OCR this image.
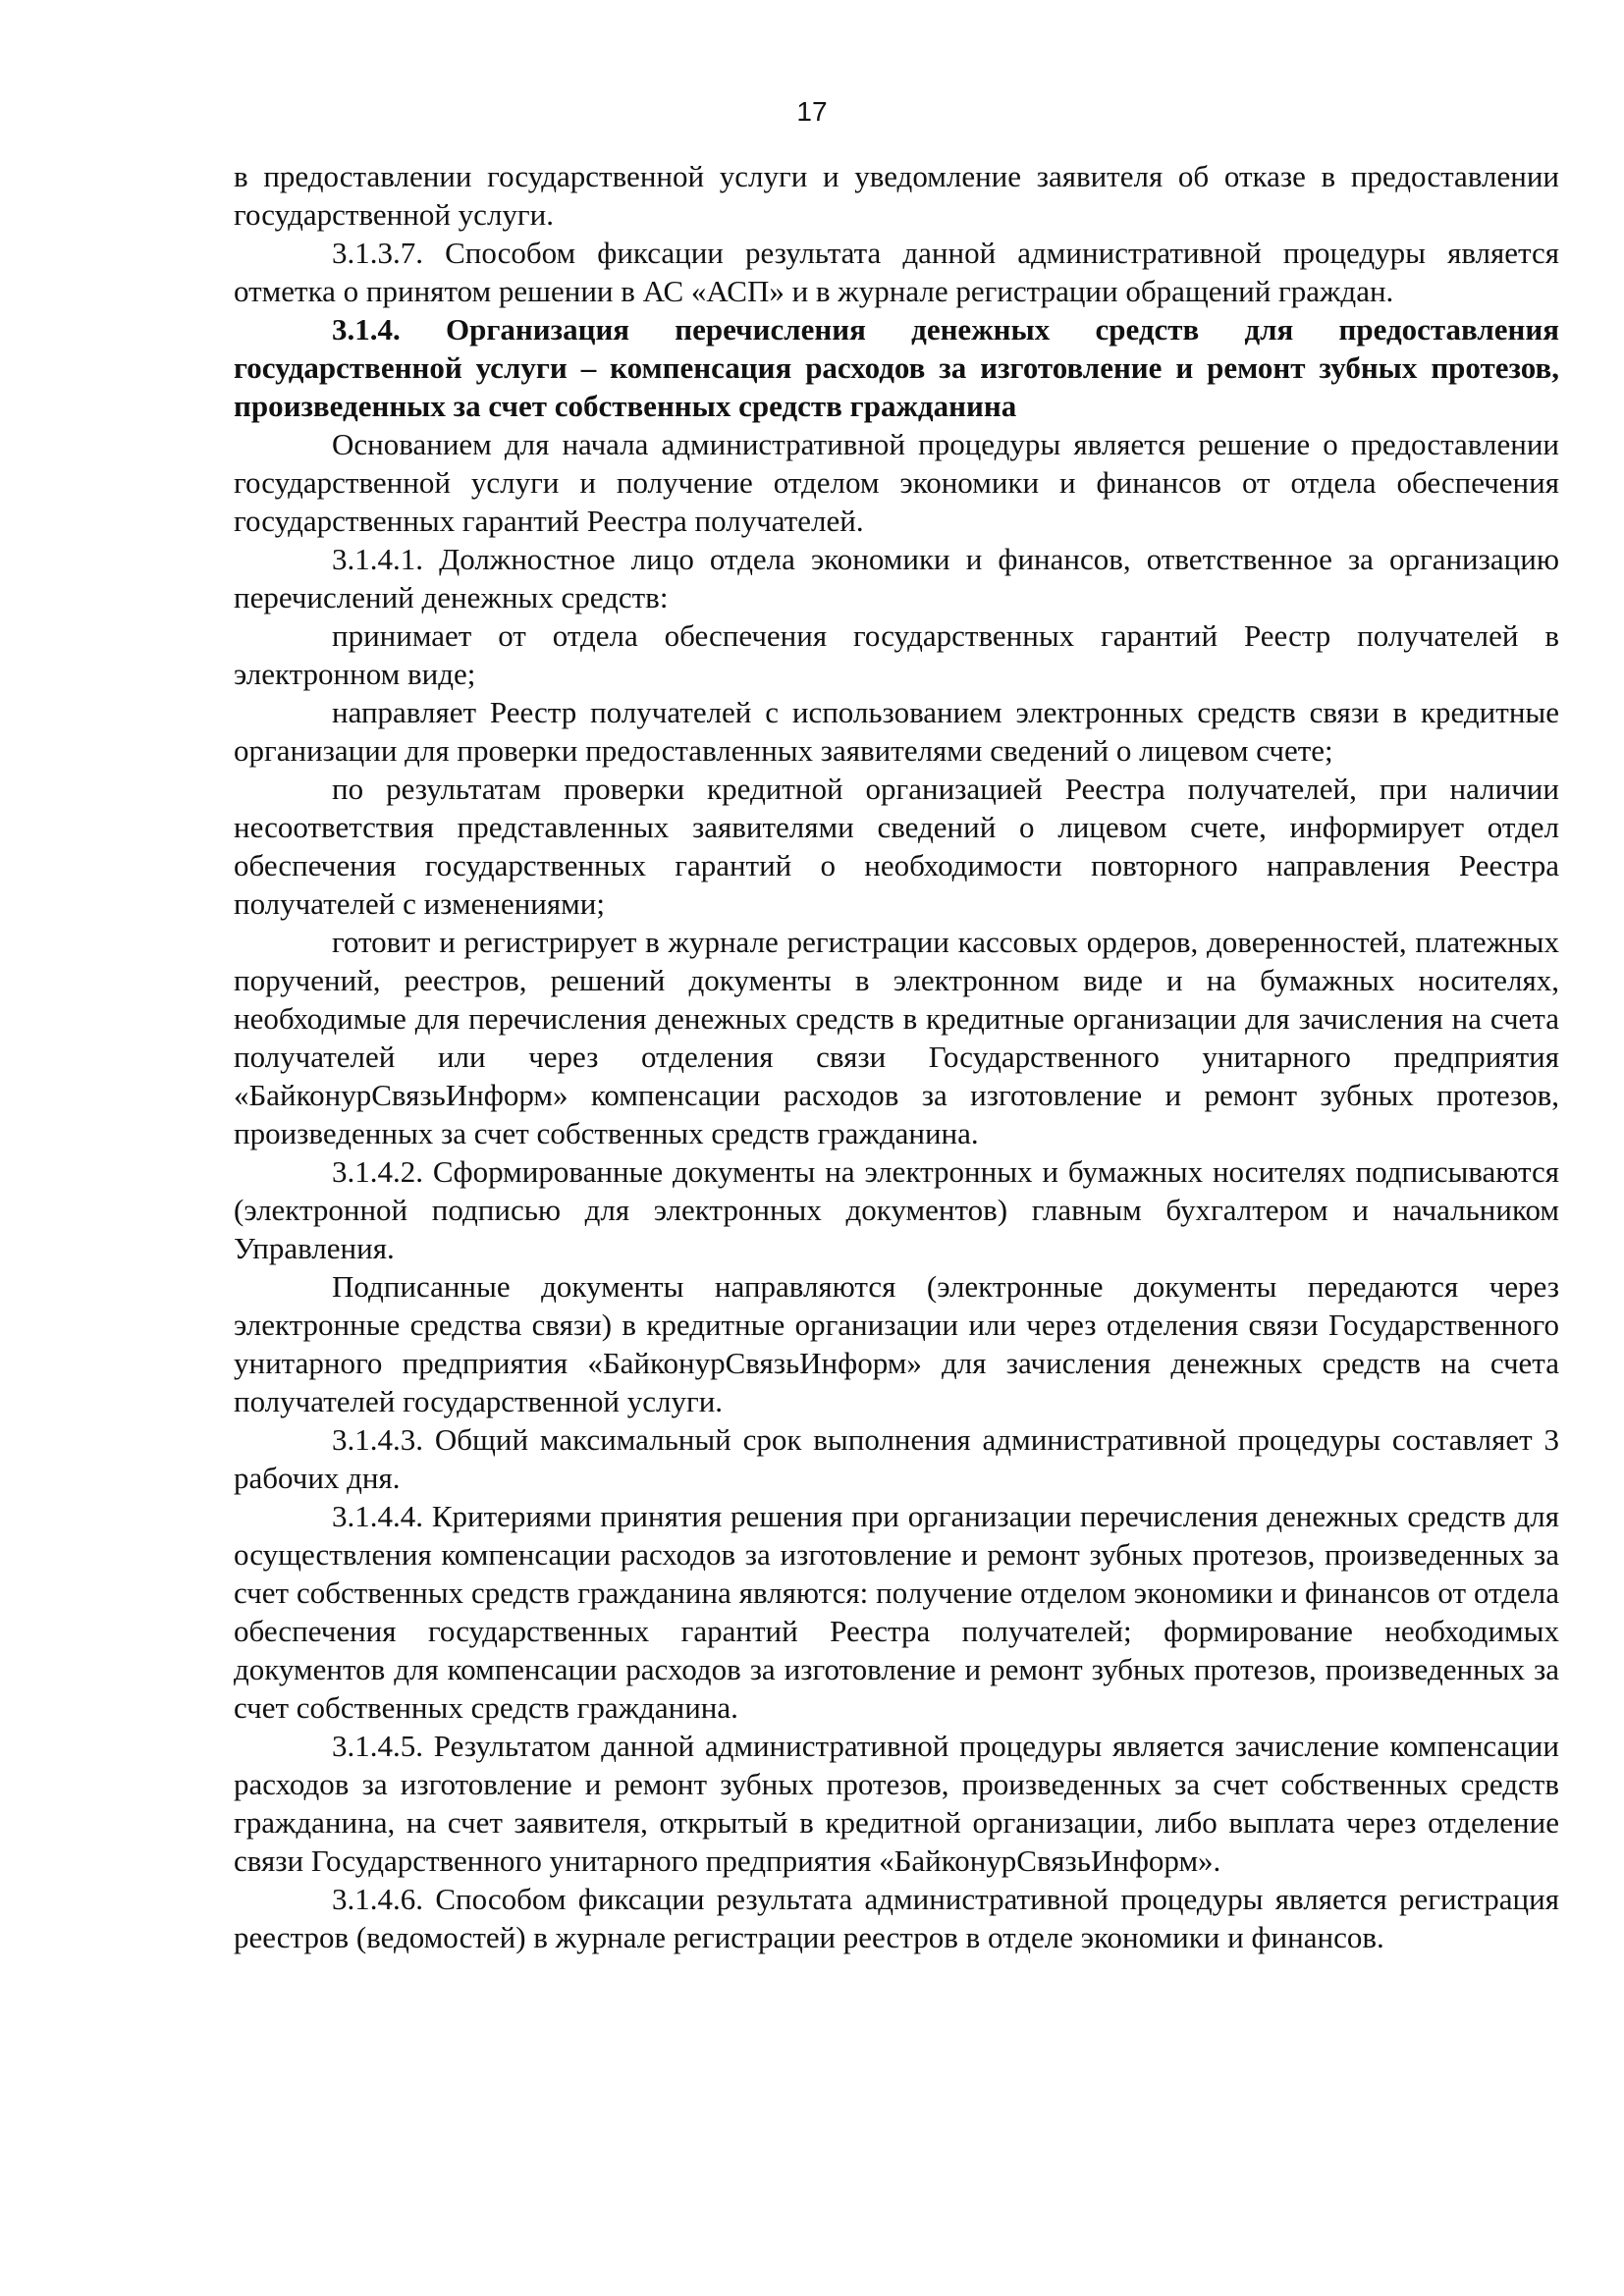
17

в предоставлении государственной услуги и уведомление заявителя об отказе в предоставлении государственной услуги.

3.1.3.7. Способом фиксации результата данной административной процедуры является отметка о принятом решении в АС «АСП» и в журнале регистрации обращений граждан.

3.1.4. Организация перечисления денежных средств для предоставления государственной услуги – компенсация расходов за изготовление и ремонт зубных протезов, произведенных за счет собственных средств гражданина

Основанием для начала административной процедуры является решение о предоставлении государственной услуги и получение отделом экономики и финансов от отдела обеспечения государственных гарантий Реестра получателей.

3.1.4.1. Должностное лицо отдела экономики и финансов, ответственное за организацию перечислений денежных средств:

принимает от отдела обеспечения государственных гарантий Реестр получателей в электронном виде;

направляет Реестр получателей с использованием электронных средств связи в кредитные организации для проверки предоставленных заявителями сведений о лицевом счете;

по результатам проверки кредитной организацией Реестра получателей, при наличии несоответствия представленных заявителями сведений о лицевом счете, информирует отдел обеспечения государственных гарантий о необходимости повторного направления Реестра получателей с изменениями;

готовит и регистрирует в журнале регистрации кассовых ордеров, доверенностей, платежных поручений, реестров, решений документы в электронном виде и на бумажных носителях, необходимые для перечисления денежных средств в кредитные организации для зачисления на счета получателей или через отделения связи Государственного унитарного предприятия «БайконурСвязьИнформ» компенсации расходов за изготовление и ремонт зубных протезов, произведенных за счет собственных средств гражданина.

3.1.4.2. Сформированные документы на электронных и бумажных носителях подписываются (электронной подписью для электронных документов) главным бухгалтером и начальником Управления.

Подписанные документы направляются (электронные документы передаются через электронные средства связи) в кредитные организации или через отделения связи Государственного унитарного предприятия «БайконурСвязьИнформ» для зачисления денежных средств на счета получателей государственной услуги.

3.1.4.3. Общий максимальный срок выполнения административной процедуры составляет 3 рабочих дня.

3.1.4.4. Критериями принятия решения при организации перечисления денежных средств для осуществления компенсации расходов за изготовление и ремонт зубных протезов, произведенных за счет собственных средств гражданина являются: получение отделом экономики и финансов от отдела обеспечения государственных гарантий Реестра получателей; формирование необходимых документов для компенсации расходов за изготовление и ремонт зубных протезов, произведенных за счет собственных средств гражданина.

3.1.4.5. Результатом данной административной процедуры является зачисление компенсации расходов за изготовление и ремонт зубных протезов, произведенных за счет собственных средств гражданина, на счет заявителя, открытый в кредитной организации, либо выплата через отделение связи Государственного унитарного предприятия «БайконурСвязьИнформ».

3.1.4.6. Способом фиксации результата административной процедуры является регистрация реестров (ведомостей) в журнале регистрации реестров в отделе экономики и финансов.
